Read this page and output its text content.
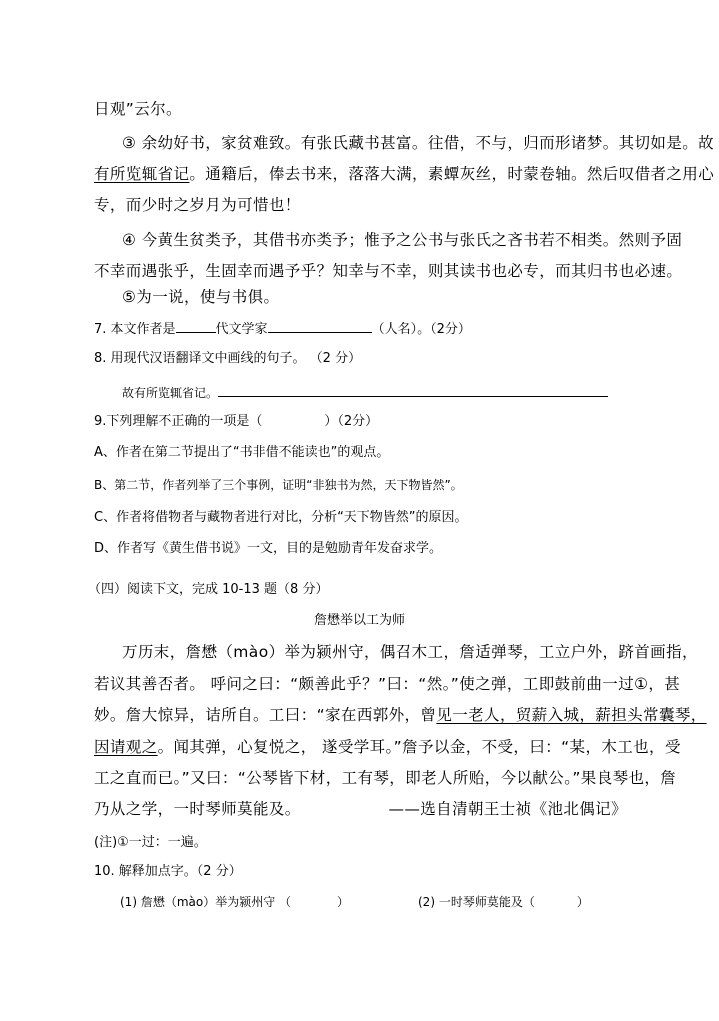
日观”云尔。
③ 余幼好书，家贫难致。有张氏藏书甚富。往借，不与，归而形诸梦。其切如是。故
有所览辄省记。通籍后，俸去书来，落落大满，素蟫灰丝，时蒙卷轴。然后叹借者之用心
专，而少时之岁月为可惜也！
④ 今黄生贫类予，其借书亦类予；惟予之公书与张氏之吝书若不相类。然则予固
不幸而遇张乎，生固幸而遇予乎？知幸与不幸，则其读书也必专，而其归书也必速。
⑤为一说，使与书俱。
7. 本文作者是	代文学家	（人名）。（2分）
8. 用现代汉语翻译文中画线的句子。 （2 分）
故有所览辄省记。
9.下列理解不正确的一项是（	）（2分）
A、作者在第二节提出了“书非借不能读也”的观点。
B、第二节，作者列举了三个事例，证明“非独书为然，天下物皆然”。
C、作者将借物者与藏物者进行对比，分析“天下物皆然”的原因。
D、作者写《黄生借书说》一文，目的是勉励青年发奋求学。
（四）阅读下文，完成 10-13 题（8 分）
詹懋举以工为师
万历末，詹懋（mào）举为颍州守，偶召木工，詹适弹琴，工立户外，跻首画指，
若议其善否者。 呼问之曰：“颇善此乎？”曰：“然。”使之弹，工即鼓前曲一过①，甚
妙。詹大惊异，诘所自。工曰：“家在西郭外，曾见一老人，贸薪入城，薪担头常囊琴，
因请观之。闻其弹，心复悦之， 遂受学耳。”詹予以金，不受，曰：“某，木工也，受
工之直而已。”又曰：“公琴皆下材，工有琴，即老人所贻，今以献公。”果良琴也，詹
乃从之学，一时琴师莫能及。	——选自清朝王士祯《池北偶记》
(注)①一过：一遍。
10. 解释加点字。（2 分）
(1) 詹懋（mào）举为颍州守 （	）	(2) 一时琴师莫能及（	）
